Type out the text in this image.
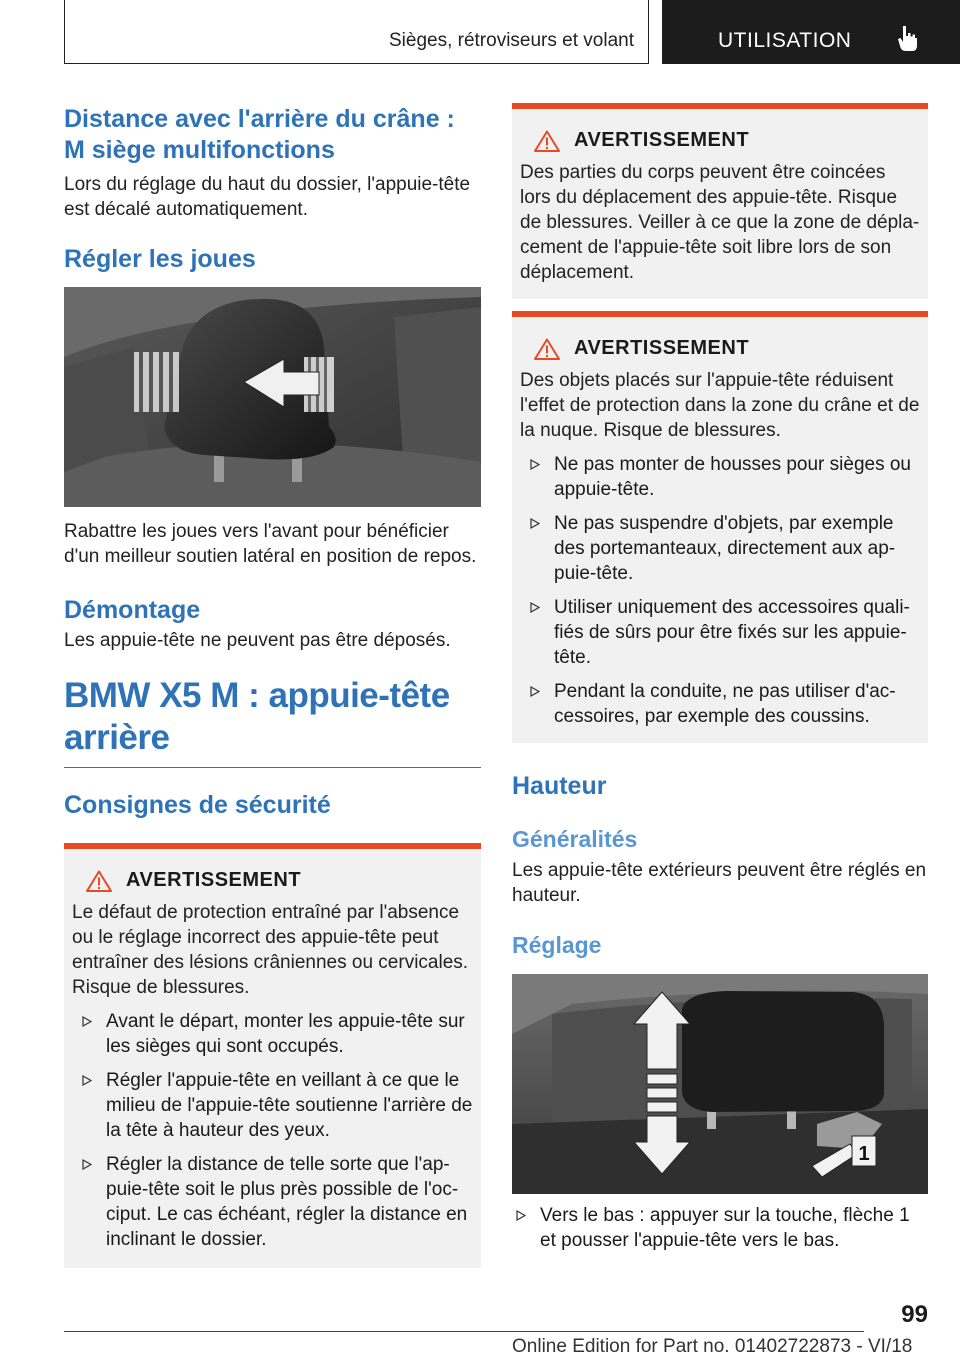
Sièges, rétroviseurs et volant	UTILISATION
Distance avec l'arrière du crâne : M siège multifonctions
Lors du réglage du haut du dossier, l'appuie-tête est décalé automatiquement.
Régler les joues
Rabattre les joues vers l'avant pour bénéficier d'un meilleur soutien latéral en position de repos.
Démontage
Les appuie-tête ne peuvent pas être déposés.
BMW X5 M : appuie-tête arrière
Consignes de sécurité
AVERTISSEMENT
Le défaut de protection entraîné par l'absence ou le réglage incorrect des appuie-tête peut entraîner des lésions crâniennes ou cervicales. Risque de blessures.
Avant le départ, monter les appuie-tête sur les sièges qui sont occupés.
Régler l'appuie-tête en veillant à ce que le milieu de l'appuie-tête soutienne l'arrière de la tête à hauteur des yeux.
Régler la distance de telle sorte que l'ap-puie-tête soit le plus près possible de l'oc-ciput. Le cas échéant, régler la distance en inclinant le dossier.
AVERTISSEMENT
Des parties du corps peuvent être coincées lors du déplacement des appuie-tête. Risque de blessures. Veiller à ce que la zone de dépla-cement de l'appuie-tête soit libre lors de son déplacement.
AVERTISSEMENT
Des objets placés sur l'appuie-tête réduisent l'effet de protection dans la zone du crâne et de la nuque. Risque de blessures.
Ne pas monter de housses pour sièges ou appuie-tête.
Ne pas suspendre d'objets, par exemple des portemanteaux, directement aux ap-puie-tête.
Utiliser uniquement des accessoires quali-fiés de sûrs pour être fixés sur les appuie-tête.
Pendant la conduite, ne pas utiliser d'ac-cessoires, par exemple des coussins.
Hauteur
Généralités
Les appuie-tête extérieurs peuvent être réglés en hauteur.
Réglage
1
Vers le bas : appuyer sur la touche, flèche 1 et pousser l'appuie-tête vers le bas.
99
Online Edition for Part no. 01402722873 - VI/18
